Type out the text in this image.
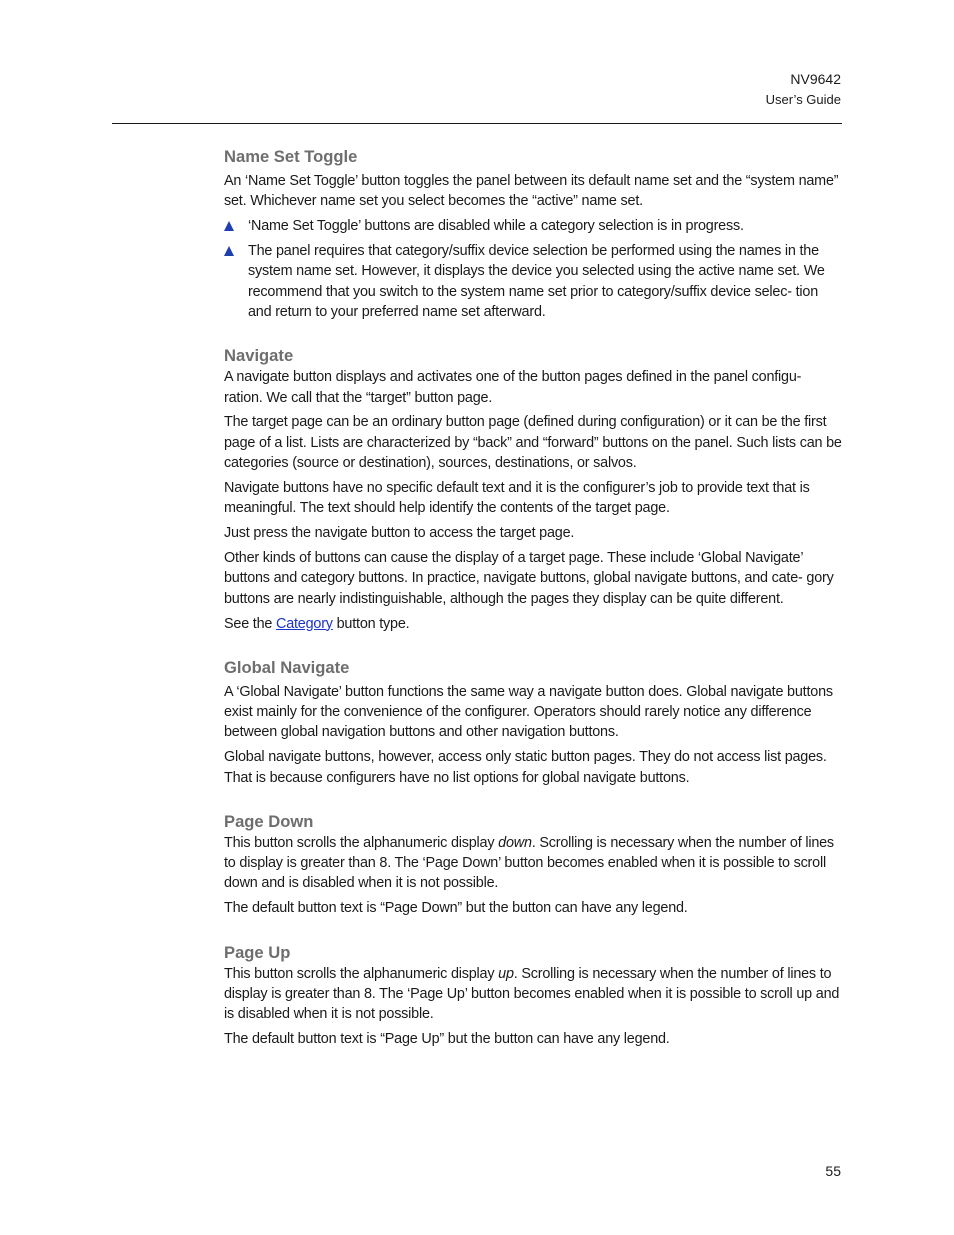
NV9642
User’s Guide
Name Set Toggle

An ‘Name Set Toggle’ button toggles the panel between its default name set and the “system name” set. Whichever name set you select becomes the “active” name set.

‘Name Set Toggle’ buttons are disabled while a category selection is in progress.
The panel requires that category/suffix device selection be performed using the names in the system name set. However, it displays the device you selected using the active name set. We recommend that you switch to the system name set prior to category/suffix device selec- tion and return to your preferred name set afterward.
Navigate

A navigate button displays and activates one of the button pages defined in the panel configu- ration. We call that the “target” button page.

The target page can be an ordinary button page (defined during configuration) or it can be the first page of a list. Lists are characterized by “back” and “forward” buttons on the panel. Such lists can be categories (source or destination), sources, destinations, or salvos.

Navigate buttons have no specific default text and it is the configurer’s job to provide text that is meaningful. The text should help identify the contents of the target page.

Just press the navigate button to access the target page.

Other kinds of buttons can cause the display of a target page. These include ‘Global Navigate’ buttons and category buttons. In practice, navigate buttons, global navigate buttons, and cate- gory buttons are nearly indistinguishable, although the pages they display can be quite different.

See the Category button type.

Global Navigate

A ‘Global Navigate’ button functions the same way a navigate button does. Global navigate buttons exist mainly for the convenience of the configurer. Operators should rarely notice any difference between global navigation buttons and other navigation buttons.

Global navigate buttons, however, access only static button pages. They do not access list pages. That is because configurers have no list options for global navigate buttons.

Page Down

This button scrolls the alphanumeric display down. Scrolling is necessary when the number of lines to display is greater than 8. The ‘Page Down’ button becomes enabled when it is possible to scroll down and is disabled when it is not possible.

The default button text is “Page Down” but the button can have any legend.

Page Up

This button scrolls the alphanumeric display up. Scrolling is necessary when the number of lines to display is greater than 8. The ‘Page Up’ button becomes enabled when it is possible to scroll up and is disabled when it is not possible.

The default button text is “Page Up” but the button can have any legend.

55
